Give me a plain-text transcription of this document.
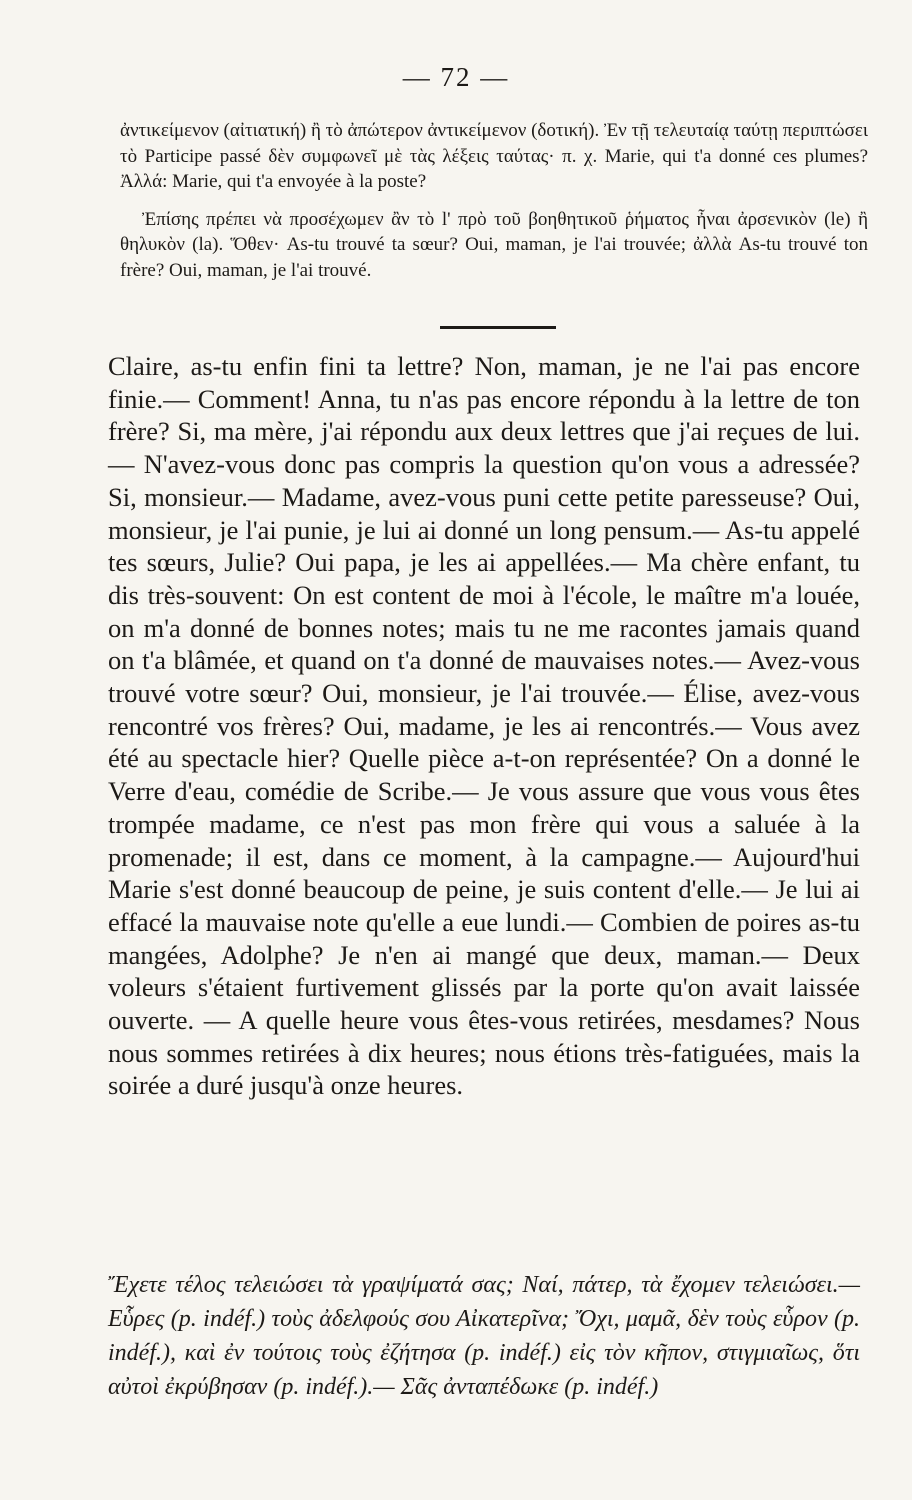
— 72 —

ἀντικείμενον (αἰτιατική) ἢ τὸ ἀπώτερον ἀντικείμενον (δοτική). Ἐν τῇ τελευταίᾳ ταύτῃ περιπτώσει τὸ Participe passé δὲν συμφωνεῖ μὲ τὰς λέξεις ταύτας· π. χ. Marie, qui t'a donné ces plumes? Ἀλλά: Marie, qui t'a envoyée à la poste?

Ἐπίσης πρέπει νὰ προσέχωμεν ἂν τὸ l' πρὸ τοῦ βοηθητικοῦ ῥήματος ἦναι ἀρσενικὸν (le) ἢ θηλυκὸν (la). Ὅθεν· As-tu trouvé ta sœur? Oui, maman, je l'ai trouvée; ἀλλὰ As-tu trouvé ton frère? Oui, maman, je l'ai trouvé.

Claire, as-tu enfin fini ta lettre? Non, maman, je ne l'ai pas encore finie.— Comment! Anna, tu n'as pas encore répondu à la lettre de ton frère? Si, ma mère, j'ai répondu aux deux lettres que j'ai reçues de lui.— N'avez-vous donc pas compris la question qu'on vous a adressée? Si, monsieur.— Madame, avez-vous puni cette petite paresseuse? Oui, monsieur, je l'ai punie, je lui ai donné un long pensum.— As-tu appelé tes sœurs, Julie? Oui papa, je les ai appellées.— Ma chère enfant, tu dis très-souvent: On est content de moi à l'école, le maître m'a louée, on m'a donné de bonnes notes; mais tu ne me racontes jamais quand on t'a blâmée, et quand on t'a donné de mauvaises notes.— Avez-vous trouvé votre sœur? Oui, monsieur, je l'ai trouvée.— Élise, avez-vous rencontré vos frères? Oui, madame, je les ai rencontrés.— Vous avez été au spectacle hier? Quelle pièce a-t-on représentée? On a donné le Verre d'eau, comédie de Scribe.— Je vous assure que vous vous êtes trompée madame, ce n'est pas mon frère qui vous a saluée à la promenade; il est, dans ce moment, à la campagne.— Aujourd'hui Marie s'est donné beaucoup de peine, je suis content d'elle.— Je lui ai effacé la mauvaise note qu'elle a eue lundi.— Combien de poires as-tu mangées, Adolphe? Je n'en ai mangé que deux, maman.— Deux voleurs s'étaient furtivement glissés par la porte qu'on avait laissée ouverte. — A quelle heure vous êtes-vous retirées, mesdames? Nous nous sommes retirées à dix heures; nous étions très-fatiguées, mais la soirée a duré jusqu'à onze heures.

Ἔχετε τέλος τελειώσει τὰ γραψίματά σας; Ναί, πάτερ, τὰ ἔχομεν τελειώσει.— Εὗρες (p. indéf.) τοὺς ἀδελφούς σου Αἰκατερῖνα; Ὄχι, μαμᾶ, δὲν τοὺς εὗρον (p. indéf.), καὶ ἐν τούτοις τοὺς ἐζήτησα (p. indéf.) εἰς τὸν κῆπον, στιγμιαῖως, ὅτι αὐτοὶ ἐκρύβησαν (p. indéf.).— Σᾶς ἀνταπέδωκε (p. indéf.)
